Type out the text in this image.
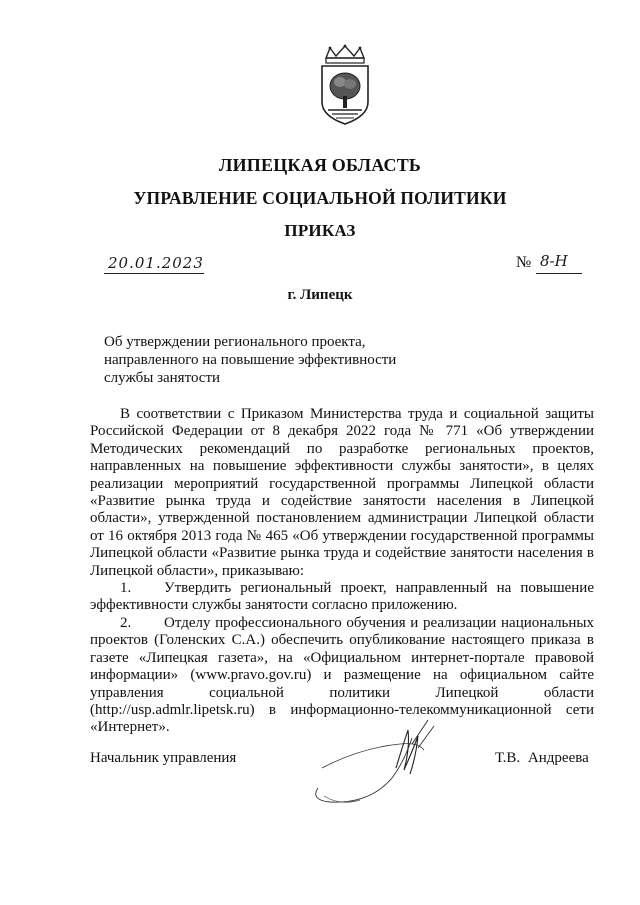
ЛИПЕЦКАЯ ОБЛАСТЬ
УПРАВЛЕНИЕ СОЦИАЛЬНОЙ ПОЛИТИКИ
ПРИКАЗ
20.01.2023	№ 8-Н
г. Липецк
Об утверждении регионального проекта,
направленного на повышение эффективности
службы занятости

В соответствии с Приказом Министерства труда и социальной защиты Российской Федерации от 8 декабря 2022 года № 771 «Об утверждении Методических рекомендаций по разработке региональных проектов, направленных на повышение эффективности службы занятости», в целях реализации мероприятий государственной программы Липецкой области «Развитие рынка труда и содействие занятости населения в Липецкой области», утвержденной постановлением администрации Липецкой области от 16 октября 2013 года № 465 «Об утверждении государственной программы Липецкой области «Развитие рынка труда и содействие занятости населения в Липецкой области», приказываю:

1. Утвердить региональный проект, направленный на повышение эффективности службы занятости согласно приложению.

2. Отделу профессионального обучения и реализации национальных проектов (Голенских С.А.) обеспечить опубликование настоящего приказа в газете «Липецкая газета», на «Официальном интернет-портале правовой информации» (www.pravo.gov.ru) и размещение на официальном сайте управления социальной политики Липецкой области (http://usp.admlr.lipetsk.ru) в информационно-телекоммуникационной сети «Интернет».

Начальник управления	Т.В. Андреева
